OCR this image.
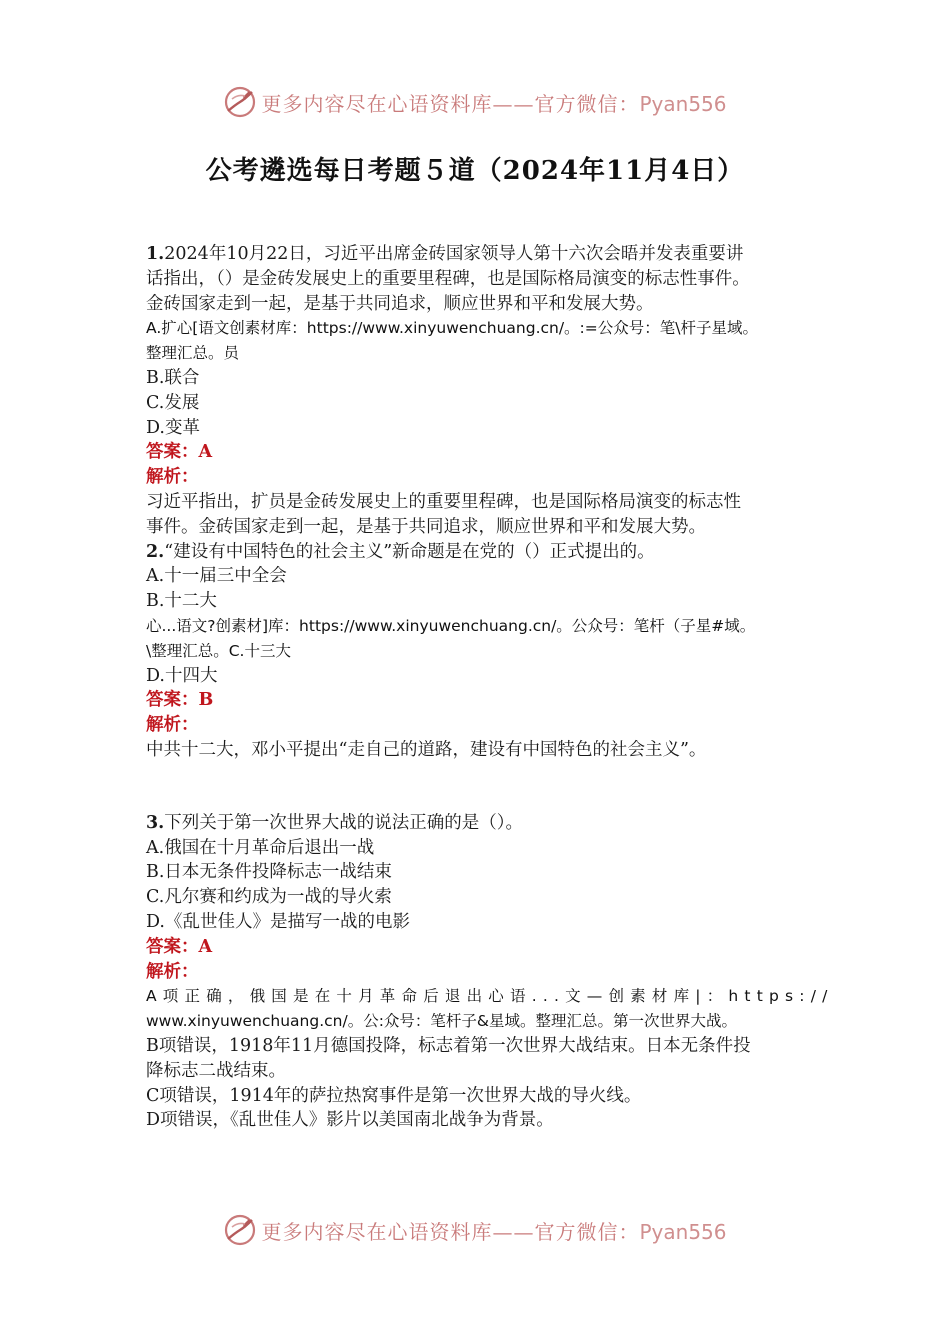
更多内容尽在心语资料库——官方微信：Pyan556
公考遴选每日考题５道（2024年11月4日）
1.2024年10月22日，习近平出席金砖国家领导人第十六次会晤并发表重要讲
话指出，（）是金砖发展史上的重要里程碑，也是国际格局演变的标志性事件。
金砖国家走到一起，是基于共同追求，顺应世界和平和发展大势。
A.扩心[语文创素材库：https://www.xinyuwenchuang.cn/。:=公众号：笔\杆子星域。
整理汇总。员
B.联合
C.发展
D.变革
答案：A
解析：
习近平指出，扩员是金砖发展史上的重要里程碑，也是国际格局演变的标志性
事件。金砖国家走到一起，是基于共同追求，顺应世界和平和发展大势。
2.“建设有中国特色的社会主义”新命题是在党的（）正式提出的。
A.十一届三中全会
B.十二大
心...语文?创素材]库：https://www.xinyuwenchuang.cn/。公众号：笔杆（子星#域。
\整理汇总。C.十三大
D.十四大
答案：B
解析：
中共十二大，邓小平提出“走自己的道路，建设有中国特色的社会主义”。
3.下列关于第一次世界大战的说法正确的是（）。
A.俄国在十月革命后退出一战
B.日本无条件投降标志一战结束
C.凡尔赛和约成为一战的导火索
D.《乱世佳人》是描写一战的电影
答案：A
解析：
A项正确，俄国是在十月革命后退出心语...文—创素材库|：https://
www.xinyuwenchuang.cn/。公:众号：笔杆子&星域。整理汇总。第一次世界大战。
B项错误，1918年11月德国投降，标志着第一次世界大战结束。日本无条件投
降标志二战结束。
C项错误，1914年的萨拉热窝事件是第一次世界大战的导火线。
D项错误，《乱世佳人》影片以美国南北战争为背景。
更多内容尽在心语资料库——官方微信：Pyan556
